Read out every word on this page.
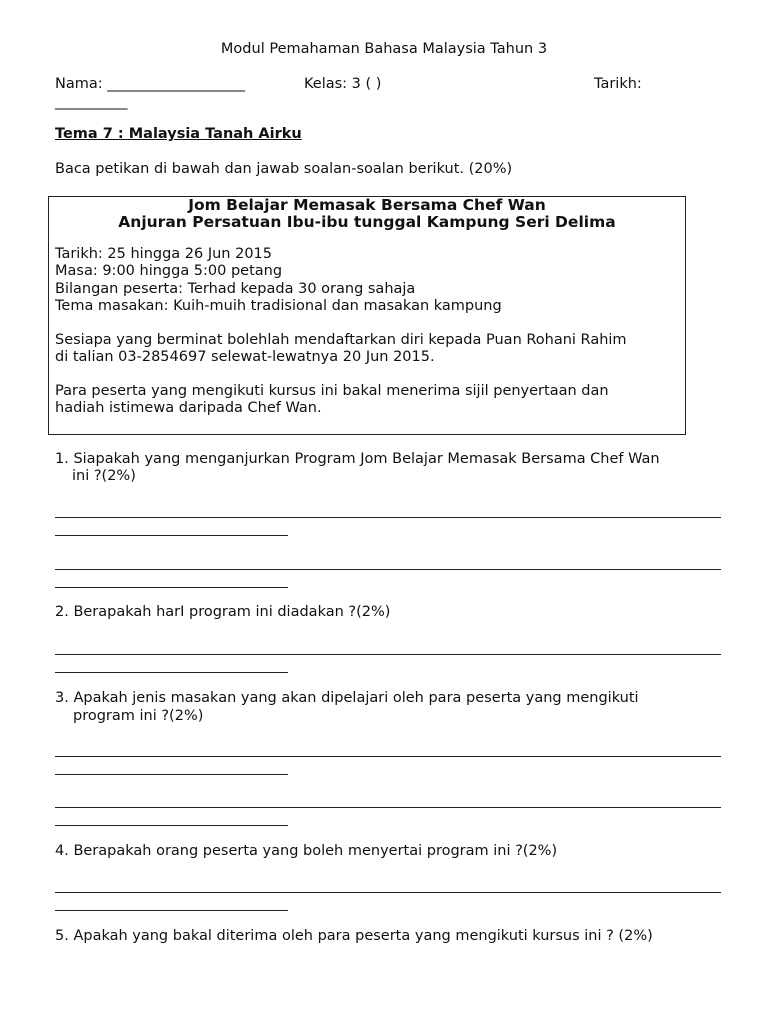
Modul Pemahaman Bahasa Malaysia Tahun 3
Nama: ___________________	Kelas: 3 ( )	Tarikh:
__________
Tema 7 : Malaysia Tanah Airku
Baca petikan di bawah dan jawab soalan-soalan berikut. (20%)
Jom Belajar Memasak Bersama Chef Wan
Anjuran Persatuan Ibu-ibu tunggal Kampung Seri Delima
Tarikh: 25 hingga 26 Jun 2015
Masa: 9:00 hingga 5:00 petang
Bilangan peserta: Terhad kepada 30 orang sahaja
Tema masakan: Kuih-muih tradisional dan masakan kampung
Sesiapa yang berminat bolehlah mendaftarkan diri kepada Puan Rohani Rahim
di talian 03-2854697 selewat-lewatnya 20 Jun 2015.
Para peserta yang mengikuti kursus ini bakal menerima sijil penyertaan dan
hadiah istimewa daripada Chef Wan.
1. Siapakah yang menganjurkan Program Jom Belajar Memasak Bersama Chef Wan
ini ?(2%)
2. Berapakah harI program ini diadakan ?(2%)
3. Apakah jenis masakan yang akan dipelajari oleh para peserta yang mengikuti
program ini ?(2%)
4. Berapakah orang peserta yang boleh menyertai program ini ?(2%)
5. Apakah yang bakal diterima oleh para peserta yang mengikuti kursus ini ? (2%)
